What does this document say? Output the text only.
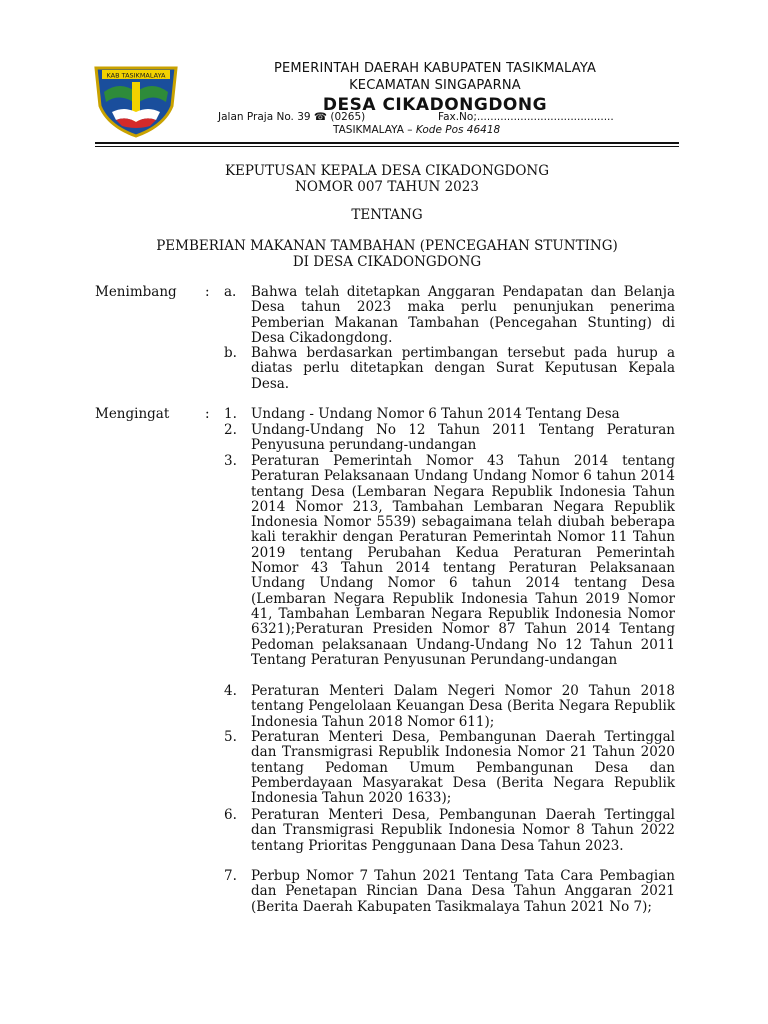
KAB TASIKMALAYA	PEMERINTAH DAERAH KABUPATEN TASIKMALAYA
KECAMATAN SINGAPARNA
DESA CIKADONGDONG
Jalan Praja No. 39 ☎ (0265)	Fax.No;.........................................
TASIKMALAYA – Kode Pos 46418
KEPUTUSAN KEPALA DESA CIKADONGDONG
NOMOR 007 TAHUN 2023
TENTANG
PEMBERIAN MAKANAN TAMBAHAN (PENCEGAHAN STUNTING)
DI DESA CIKADONGDONG
Menimbang : a.	Bahwa telah ditetapkan Anggaran Pendapatan dan Belanja Desa tahun 2023 maka perlu penunjukan penerima Pemberian Makanan Tambahan (Pencegahan Stunting) di Desa Cikadongdong.
b.	Bahwa berdasarkan pertimbangan tersebut pada hurup a diatas perlu ditetapkan dengan Surat Keputusan Kepala Desa.
Mengingat	: 1.	Undang - Undang Nomor 6 Tahun 2014 Tentang Desa
2.	Undang-Undang No 12 Tahun 2011 Tentang Peraturan Penyusuna perundang-undangan
3.	Peraturan Pemerintah Nomor 43 Tahun 2014 tentang Peraturan Pelaksanaan Undang Undang Nomor 6 tahun 2014 tentang Desa (Lembaran Negara Republik Indonesia Tahun 2014 Nomor 213, Tambahan Lembaran Negara Republik Indonesia Nomor 5539) sebagaimana telah diubah beberapa kali terakhir dengan Peraturan Pemerintah Nomor 11 Tahun 2019 tentang Perubahan Kedua Peraturan Pemerintah Nomor 43 Tahun 2014 tentang Peraturan Pelaksanaan Undang Undang Nomor 6 tahun 2014 tentang Desa (Lembaran Negara Republik Indonesia Tahun 2019 Nomor 41, Tambahan Lembaran Negara Republik Indonesia Nomor 6321);Peraturan Presiden Nomor 87 Tahun 2014 Tentang Pedoman pelaksanaan Undang-Undang No 12 Tahun 2011 Tentang Peraturan Penyusunan Perundang-undangan
4.	Peraturan Menteri Dalam Negeri Nomor 20 Tahun 2018 tentang Pengelolaan Keuangan Desa (Berita Negara Republik Indonesia Tahun 2018 Nomor 611);
5.	Peraturan Menteri Desa, Pembangunan Daerah Tertinggal dan Transmigrasi Republik Indonesia Nomor 21 Tahun 2020 tentang Pedoman Umum Pembangunan Desa dan Pemberdayaan Masyarakat Desa (Berita Negara Republik Indonesia Tahun 2020 1633);
6.	Peraturan Menteri Desa, Pembangunan Daerah Tertinggal dan Transmigrasi Republik Indonesia Nomor 8 Tahun 2022 tentang Prioritas Penggunaan Dana Desa Tahun 2023.
7.	Perbup Nomor 7 Tahun 2021 Tentang Tata Cara Pembagian dan Penetapan Rincian Dana Desa Tahun Anggaran 2021 (Berita Daerah Kabupaten Tasikmalaya Tahun 2021 No 7);
